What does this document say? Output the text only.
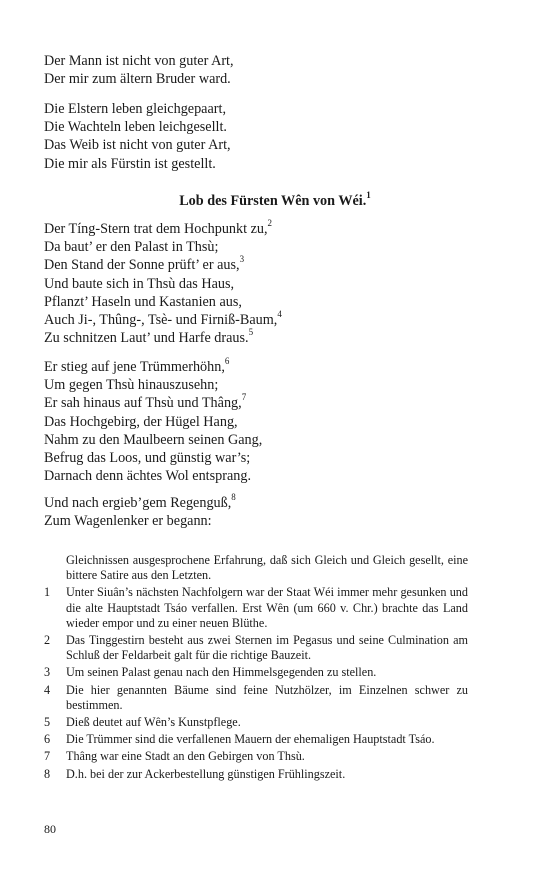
Der Mann ist nicht von guter Art,
Der mir zum ältern Bruder ward.
Die Elstern leben gleichgepaart,
Die Wachteln leben leichgesellt.
Das Weib ist nicht von guter Art,
Die mir als Fürstin ist gestellt.
Lob des Fürsten Wên von Wéi.$^1$
Der Tíng-Stern trat dem Hochpunkt zu,$^2$
Da baut’ er den Palast in Thsù;
Den Stand der Sonne prüft’ er aus,$^3$
Und baute sich in Thsù das Haus,
Pflanzt’ Haseln und Kastanien aus,
Auch Ji-, Thûng-, Tsè- und Firniß-Baum,$^4$
Zu schnitzen Laut’ und Harfe draus.$^5$
Er stieg auf jene Trümmerhöhn,$^6$
Um gegen Thsù hinauszusehn;
Er sah hinaus auf Thsù und Thâng,$^7$
Das Hochgebirg, der Hügel Hang,
Nahm zu den Maulbeern seinen Gang,
Befrug das Loos, und günstig war’s;
Darnach denn ächtes Wol entsprang.
Und nach ergieb’gem Regenguß,$^8$
Zum Wagenlenker er begann:
Gleichnissen ausgesprochene Erfahrung, daß sich Gleich und Gleich gesellt, eine bittere Satire aus den Letzten.
1 Unter Siuân’s nächsten Nachfolgern war der Staat Wéi immer mehr gesunken und die alte Hauptstadt Tsáo verfallen. Erst Wên (um 660 v. Chr.) brachte das Land wieder empor und zu einer neuen Blüthe.
2 Das Tinggestirn besteht aus zwei Sternen im Pegasus und seine Culmination am Schluß der Feldarbeit galt für die richtige Bauzeit.
3 Um seinen Palast genau nach den Himmelsgegenden zu stellen.
4 Die hier genannten Bäume sind feine Nutzhölzer, im Einzelnen schwer zu bestimmen.
5 Dieß deutet auf Wên’s Kunstpflege.
6 Die Trümmer sind die verfallenen Mauern der ehemaligen Hauptstadt Tsáo.
7 Thâng war eine Stadt an den Gebirgen von Thsù.
8 D.h. bei der zur Ackerbestellung günstigen Frühlingszeit.
80
